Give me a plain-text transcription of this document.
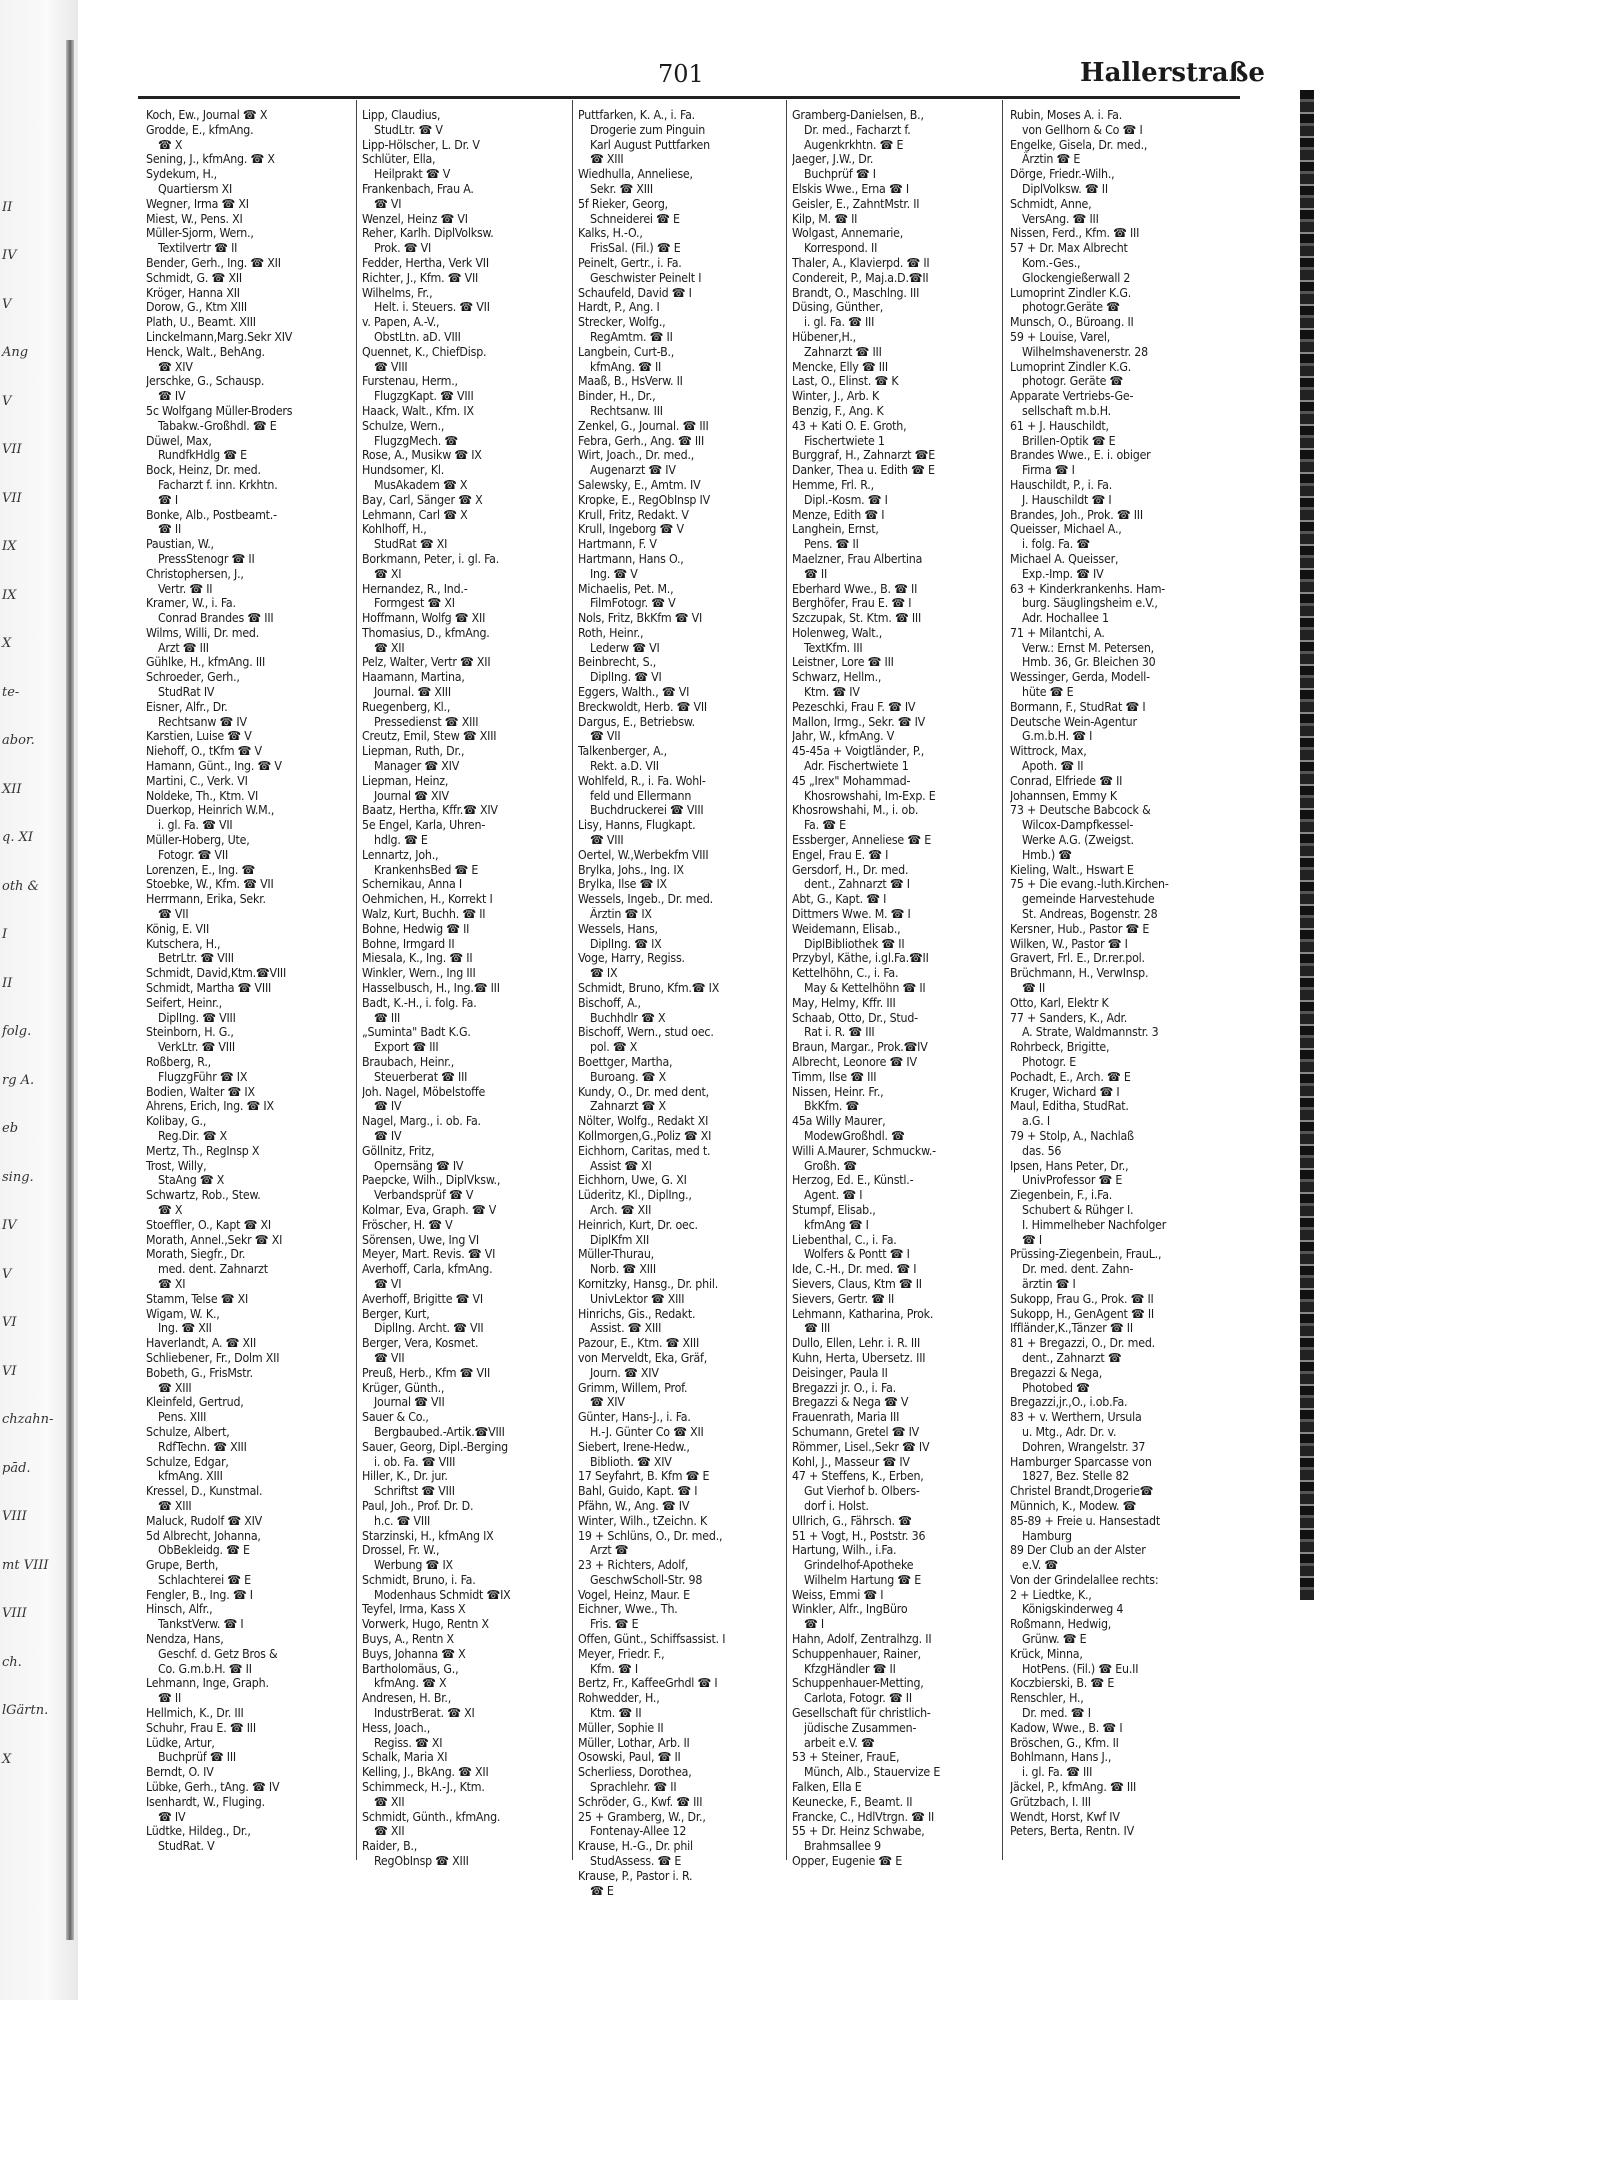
II
IV
V
Ang
V
VII
VII
IX
IX
X
te-
abor.
XII
q. XI
oth &
I
II
folg.
rg A.
eb
sing.
IV
V
VI
VI
chzahn-
pād.
VIII
mt VIII
VIII
ch.
lGärtn.
X
701	Hallerstraße
Koch, Ew., Journal ☎ X
Grodde, E., kfmAng.
☎ X
Sening, J., kfmAng. ☎ X
Sydekum, H.,
Quartiersm XI
Wegner, Irma ☎ XI
Miest, W., Pens. XI
Müller-Sjorm, Wern.,
Textilvertr ☎ II
Bender, Gerh., Ing. ☎ XII
Schmidt, G. ☎ XII
Kröger, Hanna XII
Dorow, G., Ktm XIII
Plath, U., Beamt. XIII
Linckelmann,Marg.Sekr XIV
Henck, Walt., BehAng.
☎ XIV
Jerschke, G., Schausp.
☎ IV
5c Wolfgang Müller-Broders
Tabakw.-Großhdl. ☎ E
Düwel, Max,
RundfkHdlg ☎ E
Bock, Heinz, Dr. med.
Facharzt f. inn. Krkhtn.
☎ I
Bonke, Alb., Postbeamt.-
☎ II
Paustian, W.,
PressStenogr ☎ II
Christophersen, J.,
Vertr. ☎ II
Kramer, W., i. Fa.
Conrad Brandes ☎ III
Wilms, Willi, Dr. med.
Arzt ☎ III
Gühlke, H., kfmAng. III
Schroeder, Gerh.,
StudRat IV
Eisner, Alfr., Dr.
Rechtsanw ☎ IV
Karstien, Luise ☎ V
Niehoff, O., tKfm ☎ V
Hamann, Günt., Ing. ☎ V
Martini, C., Verk. VI
Noldeke, Th., Ktm. VI
Duerkop, Heinrich W.M.,
i. gl. Fa. ☎ VII
Müller-Hoberg, Ute,
Fotogr. ☎ VII
Lorenzen, E., Ing. ☎
Stoebke, W., Kfm. ☎ VII
Herrmann, Erika, Sekr.
☎ VII
König, E. VII
Kutschera, H.,
BetrLtr. ☎ VIII
Schmidt, David,Ktm.☎VIII
Schmidt, Martha ☎ VIII
Seifert, Heinr.,
DiplIng. ☎ VIII
Steinborn, H. G.,
VerkLtr. ☎ VIII
Roßberg, R.,
FlugzgFühr ☎ IX
Bodien, Walter ☎ IX
Ahrens, Erich, Ing. ☎ IX
Kolibay, G.,
Reg.Dir. ☎ X
Mertz, Th., RegInsp X
Trost, Willy,
StaAng ☎ X
Schwartz, Rob., Stew.
☎ X
Stoeffler, O., Kapt ☎ XI
Morath, Annel.,Sekr ☎ XI
Morath, Siegfr., Dr.
med. dent. Zahnarzt
☎ XI
Stamm, Telse ☎ XI
Wigam, W. K.,
Ing. ☎ XII
Haverlandt, A. ☎ XII
Schliebener, Fr., Dolm XII
Bobeth, G., FrisMstr.
☎ XIII
Kleinfeld, Gertrud,
Pens. XIII
Schulze, Albert,
RdfTechn. ☎ XIII
Schulze, Edgar,
kfmAng. XIII
Kressel, D., Kunstmal.
☎ XIII
Maluck, Rudolf ☎ XIV
5d Albrecht, Johanna,
ObBekleidg. ☎ E
Grupe, Berth,
Schlachterei ☎ E
Fengler, B., Ing. ☎ I
Hinsch, Alfr.,
TankstVerw. ☎ I
Nendza, Hans,
Geschf. d. Getz Bros &
Co. G.m.b.H. ☎ II
Lehmann, Inge, Graph.
☎ II
Hellmich, K., Dr. III
Schuhr, Frau E. ☎ III
Lüdke, Artur,
Buchprüf ☎ III
Berndt, O. IV
Lübke, Gerh., tAng. ☎ IV
Isenhardt, W., Fluging.
☎ IV
Lüdtke, Hildeg., Dr.,
StudRat. V
Lipp, Claudius,
StudLtr. ☎ V
Lipp-Hölscher, L. Dr. V
Schlüter, Ella,
Heilprakt ☎ V
Frankenbach, Frau A.
☎ VI
Wenzel, Heinz ☎ VI
Reher, Karlh. DiplVolksw.
Prok. ☎ VI
Fedder, Hertha, Verk VII
Richter, J., Kfm. ☎ VII
Wilhelms, Fr.,
Helt. i. Steuers. ☎ VII
v. Papen, A.-V.,
ObstLtn. aD. VIII
Quennet, K., ChiefDisp.
☎ VIII
Furstenau, Herm.,
FlugzgKapt. ☎ VIII
Haack, Walt., Kfm. IX
Schulze, Wern.,
FlugzgMech. ☎
Rose, A., Musikw ☎ IX
Hundsomer, Kl.
MusAkadem ☎ X
Bay, Carl, Sänger ☎ X
Lehmann, Carl ☎ X
Kohlhoff, H.,
StudRat ☎ XI
Borkmann, Peter, i. gl. Fa.
☎ XI
Hernandez, R., Ind.-
Formgest ☎ XI
Hoffmann, Wolfg ☎ XII
Thomasius, D., kfmAng.
☎ XII
Pelz, Walter, Vertr ☎ XII
Haamann, Martina,
Journal. ☎ XIII
Ruegenberg, Kl.,
Pressedienst ☎ XIII
Creutz, Emil, Stew ☎ XIII
Liepman, Ruth, Dr.,
Manager ☎ XIV
Liepman, Heinz,
Journal ☎ XIV
Baatz, Hertha, Kffr.☎ XIV
5e Engel, Karla, Uhren-
hdlg. ☎ E
Lennartz, Joh.,
KrankenhsBed ☎ E
Schernikau, Anna I
Oehmichen, H., Korrekt I
Walz, Kurt, Buchh. ☎ II
Bohne, Hedwig ☎ II
Bohne, Irmgard II
Miesala, K., Ing. ☎ II
Winkler, Wern., Ing III
Hasselbusch, H., Ing.☎ III
Badt, K.-H., i. folg. Fa.
☎ III
„Suminta" Badt K.G.
Export ☎ III
Braubach, Heinr.,
Steuerberat ☎ III
Joh. Nagel, Möbelstoffe
☎ IV
Nagel, Marg., i. ob. Fa.
☎ IV
Göllnitz, Fritz,
Opernsäng ☎ IV
Paepcke, Wilh., DiplVksw.,
Verbandsprüf ☎ V
Kolmar, Eva, Graph. ☎ V
Fröscher, H. ☎ V
Sörensen, Uwe, Ing VI
Meyer, Mart. Revis. ☎ VI
Averhoff, Carla, kfmAng.
☎ VI
Averhoff, Brigitte ☎ VI
Berger, Kurt,
DiplIng. Archt. ☎ VII
Berger, Vera, Kosmet.
☎ VII
Preuß, Herb., Kfm ☎ VII
Krüger, Günth.,
Journal ☎ VII
Sauer & Co.,
Bergbaubed.-Artik.☎VIII
Sauer, Georg, Dipl.-Berging
i. ob. Fa. ☎ VIII
Hiller, K., Dr. jur.
Schriftst ☎ VIII
Paul, Joh., Prof. Dr. D.
h.c. ☎ VIII
Starzinski, H., kfmAng IX
Drossel, Fr. W.,
Werbung ☎ IX
Schmidt, Bruno, i. Fa.
Modenhaus Schmidt ☎IX
Teyfel, Irma, Kass X
Vorwerk, Hugo, Rentn X
Buys, A., Rentn X
Buys, Johanna ☎ X
Bartholomäus, G.,
kfmAng. ☎ X
Andresen, H. Br.,
IndustrBerat. ☎ XI
Hess, Joach.,
Regiss. ☎ XI
Schalk, Maria XI
Kelling, J., BkAng. ☎ XII
Schimmeck, H.-J., Ktm.
☎ XII
Schmidt, Günth., kfmAng.
☎ XII
Raider, B.,
RegObInsp ☎ XIII
Puttfarken, K. A., i. Fa.
Drogerie zum Pinguin
Karl August Puttfarken
☎ XIII
Wiedhulla, Anneliese,
Sekr. ☎ XIII
5f Rieker, Georg,
Schneiderei ☎ E
Kalks, H.-O.,
FrisSal. (Fil.) ☎ E
Peinelt, Gertr., i. Fa.
Geschwister Peinelt I
Schaufeld, David ☎ I
Hardt, P., Ang. I
Strecker, Wolfg.,
RegAmtm. ☎ II
Langbein, Curt-B.,
kfmAng. ☎ II
Maaß, B., HsVerw. II
Binder, H., Dr.,
Rechtsanw. III
Zenkel, G., Journal. ☎ III
Febra, Gerh., Ang. ☎ III
Wirt, Joach., Dr. med.,
Augenarzt ☎ IV
Salewsky, E., Amtm. IV
Kropke, E., RegObInsp IV
Krull, Fritz, Redakt. V
Krull, Ingeborg ☎ V
Hartmann, F. V
Hartmann, Hans O.,
Ing. ☎ V
Michaelis, Pet. M.,
FilmFotogr. ☎ V
Nols, Fritz, BkKfm ☎ VI
Roth, Heinr.,
Lederw ☎ VI
Beinbrecht, S.,
DiplIng. ☎ VI
Eggers, Walth., ☎ VI
Breckwoldt, Herb. ☎ VII
Dargus, E., Betriebsw.
☎ VII
Talkenberger, A.,
Rekt. a.D. VII
Wohlfeld, R., i. Fa. Wohl-
feld und Ellermann
Buchdruckerei ☎ VIII
Lisy, Hanns, Flugkapt.
☎ VIII
Oertel, W.,Werbekfm VIII
Brylka, Johs., Ing. IX
Brylka, Ilse ☎ IX
Wessels, Ingeb., Dr. med.
Ärztin ☎ IX
Wessels, Hans,
DiplIng. ☎ IX
Voge, Harry, Regiss.
☎ IX
Schmidt, Bruno, Kfm.☎ IX
Bischoff, A.,
Buchhdlr ☎ X
Bischoff, Wern., stud oec.
pol. ☎ X
Boettger, Martha,
Buroang. ☎ X
Kundy, O., Dr. med dent,
Zahnarzt ☎ X
Nölter, Wolfg., Redakt XI
Kollmorgen,G.,Poliz ☎ XI
Eichhorn, Caritas, med t.
Assist ☎ XI
Eichhorn, Uwe, G. XI
Lüderitz, Kl., DiplIng.,
Arch. ☎ XII
Heinrich, Kurt, Dr. oec.
DiplKfm XII
Müller-Thurau,
Norb. ☎ XIII
Kornitzky, Hansg., Dr. phil.
UnivLektor ☎ XIII
Hinrichs, Gis., Redakt.
Assist. ☎ XIII
Pazour, E., Ktm. ☎ XIII
von Merveldt, Eka, Gräf,
Journ. ☎ XIV
Grimm, Willem, Prof.
☎ XIV
Günter, Hans-J., i. Fa.
H.-J. Günter Co ☎ XII
Siebert, Irene-Hedw.,
Biblioth. ☎ XIV
17 Seyfahrt, B. Kfm ☎ E
Bahl, Guido, Kapt. ☎ I
Pfähn, W., Ang. ☎ IV
Winter, Wilh., tZeichn. K
19 + Schlüns, O., Dr. med.,
Arzt ☎
23 + Richters, Adolf,
GeschwScholl-Str. 98
Vogel, Heinz, Maur. E
Eichner, Wwe., Th.
Fris. ☎ E
Offen, Günt., Schiffsassist. I
Meyer, Friedr. F.,
Kfm. ☎ I
Bertz, Fr., KaffeeGrhdl ☎ I
Rohwedder, H.,
Ktm. ☎ II
Müller, Sophie II
Müller, Lothar, Arb. II
Osowski, Paul, ☎ II
Scherliess, Dorothea,
Sprachlehr. ☎ II
Schröder, G., Kwf. ☎ III
25 + Gramberg, W., Dr.,
Fontenay-Allee 12
Krause, H.-G., Dr. phil
StudAssess. ☎ E
Krause, P., Pastor i. R.
☎ E
Gramberg-Danielsen, B.,
Dr. med., Facharzt f.
Augenkrkhtn. ☎ E
Jaeger, J.W., Dr.
Buchprüf ☎ I
Elskis Wwe., Erna ☎ I
Geisler, E., ZahntMstr. II
Kilp, M. ☎ II
Wolgast, Annemarie,
Korrespond. II
Thaler, A., Klavierpd. ☎ II
Condereit, P., Maj.a.D.☎II
Brandt, O., Maschlng. III
Düsing, Günther,
i. gl. Fa. ☎ III
Hübener,H.,
Zahnarzt ☎ III
Mencke, Elly ☎ III
Last, O., Elinst. ☎ K
Winter, J., Arb. K
Benzig, F., Ang. K
43 + Kati O. E. Groth,
Fischertwiete 1
Burggraf, H., Zahnarzt ☎E
Danker, Thea u. Edith ☎ E
Hemme, Frl. R.,
Dipl.-Kosm. ☎ I
Menze, Edith ☎ I
Langhein, Ernst,
Pens. ☎ II
Maelzner, Frau Albertina
☎ II
Eberhard Wwe., B. ☎ II
Berghöfer, Frau E. ☎ I
Szczupak, St. Ktm. ☎ III
Holenweg, Walt.,
TextKfm. III
Leistner, Lore ☎ III
Schwarz, Hellm.,
Ktm. ☎ IV
Pezeschki, Frau F. ☎ IV
Mallon, Irmg., Sekr. ☎ IV
Jahr, W., kfmAng. V
45-45a + Voigtländer, P.,
Adr. Fischertwiete 1
45 „Irex" Mohammad-
Khosrowshahi, Im-Exp. E
Khosrowshahi, M., i. ob.
Fa. ☎ E
Essberger, Anneliese ☎ E
Engel, Frau E. ☎ I
Gersdorf, H., Dr. med.
dent., Zahnarzt ☎ I
Abt, G., Kapt. ☎ I
Dittmers Wwe. M. ☎ I
Weidemann, Elisab.,
DiplBibliothek ☎ II
Przybyl, Käthe, i.gl.Fa.☎II
Kettelhöhn, C., i. Fa.
May & Kettelhöhn ☎ II
May, Helmy, Kffr. III
Schaab, Otto, Dr., Stud-
Rat i. R. ☎ III
Braun, Margar., Prok.☎IV
Albrecht, Leonore ☎ IV
Timm, Ilse ☎ III
Nissen, Heinr. Fr.,
BkKfm. ☎
45a Willy Maurer,
ModewGroßhdl. ☎
Willi A.Maurer, Schmuckw.-
Großh. ☎
Herzog, Ed. E., Künstl.-
Agent. ☎ I
Stumpf, Elisab.,
kfmAng ☎ I
Liebenthal, C., i. Fa.
Wolfers & Pontt ☎ I
Ide, C.-H., Dr. med. ☎ I
Sievers, Claus, Ktm ☎ II
Sievers, Gertr. ☎ II
Lehmann, Katharina, Prok.
☎ III
Dullo, Ellen, Lehr. i. R. III
Kuhn, Herta, Ubersetz. III
Deisinger, Paula II
Bregazzi jr. O., i. Fa.
Bregazzi & Nega ☎ V
Frauenrath, Maria III
Schumann, Gretel ☎ IV
Römmer, Lisel.,Sekr ☎ IV
Kohl, J., Masseur ☎ IV
47 + Steffens, K., Erben,
Gut Vierhof b. Olbers-
dorf i. Holst.
Ullrich, G., Fährsch. ☎
51 + Vogt, H., Poststr. 36
Hartung, Wilh., i.Fa.
Grindelhof-Apotheke
Wilhelm Hartung ☎ E
Weiss, Emmi ☎ I
Winkler, Alfr., IngBüro
☎ I
Hahn, Adolf, Zentralhzg. II
Schuppenhauer, Rainer,
KfzgHändler ☎ II
Schuppenhauer-Metting,
Carlota, Fotogr. ☎ II
Gesellschaft für christlich-
jüdische Zusammen-
arbeit e.V. ☎
53 + Steiner, FrauE,
Münch, Alb., Stauervize E
Falken, Ella E
Keunecke, F., Beamt. II
Francke, C., HdlVtrgn. ☎ II
55 + Dr. Heinz Schwabe,
Brahmsallee 9
Opper, Eugenie ☎ E
Rubin, Moses A. i. Fa.
von Gellhorn & Co ☎ I
Engelke, Gisela, Dr. med.,
Ärztin ☎ E
Dörge, Friedr.-Wilh.,
DiplVolksw. ☎ II
Schmidt, Anne,
VersAng. ☎ III
Nissen, Ferd., Kfm. ☎ III
57 + Dr. Max Albrecht
Kom.-Ges.,
Glockengießerwall 2
Lumoprint Zindler K.G.
photogr.Geräte ☎
Munsch, O., Büroang. II
59 + Louise, Varel,
Wilhelmshavenerstr. 28
Lumoprint Zindler K.G.
photogr. Geräte ☎
Apparate Vertriebs-Ge-
sellschaft m.b.H.
61 + J. Hauschildt,
Brillen-Optik ☎ E
Brandes Wwe., E. i. obiger
Firma ☎ I
Hauschildt, P., i. Fa.
J. Hauschildt ☎ I
Brandes, Joh., Prok. ☎ III
Queisser, Michael A.,
i. folg. Fa. ☎
Michael A. Queisser,
Exp.-Imp. ☎ IV
63 + Kinderkrankenhs. Ham-
burg. Säuglingsheim e.V.,
Adr. Hochallee 1
71 + Milantchi, A.
Verw.: Ernst M. Petersen,
Hmb. 36, Gr. Bleichen 30
Wessinger, Gerda, Modell-
hüte ☎ E
Bormann, F., StudRat ☎ I
Deutsche Wein-Agentur
G.m.b.H. ☎ I
Wittrock, Max,
Apoth. ☎ II
Conrad, Elfriede ☎ II
Johannsen, Emmy K
73 + Deutsche Babcock &
Wilcox-Dampfkessel-
Werke A.G. (Zweigst.
Hmb.) ☎
Kieling, Walt., Hswart E
75 + Die evang.-luth.Kirchen-
gemeinde Harvestehude
St. Andreas, Bogenstr. 28
Kersner, Hub., Pastor ☎ E
Wilken, W., Pastor ☎ I
Gravert, Frl. E., Dr.rer.pol.
Brüchmann, H., VerwInsp.
☎ II
Otto, Karl, Elektr K
77 + Sanders, K., Adr.
A. Strate, Waldmannstr. 3
Rohrbeck, Brigitte,
Photogr. E
Pochadt, E., Arch. ☎ E
Kruger, Wichard ☎ I
Maul, Editha, StudRat.
a.G. I
79 + Stolp, A., Nachlaß
das. 56
Ipsen, Hans Peter, Dr.,
UnivProfessor ☎ E
Ziegenbein, F., i.Fa.
Schubert & Rühger I.
I. Himmelheber Nachfolger
☎ I
Prüssing-Ziegenbein, FrauL.,
Dr. med. dent. Zahn-
ärztin ☎ I
Sukopp, Frau G., Prok. ☎ II
Sukopp, H., GenAgent ☎ II
Iffländer,K.,Tänzer ☎ II
81 + Bregazzi, O., Dr. med.
dent., Zahnarzt ☎
Bregazzi & Nega,
Photobed ☎
Bregazzi,jr.,O., i.ob.Fa.
83 + v. Werthern, Ursula
u. Mtg., Adr. Dr. v.
Dohren, Wrangelstr. 37
Hamburger Sparcasse von
1827, Bez. Stelle 82
Christel Brandt,Drogerie☎
Münnich, K., Modew. ☎
85-89 + Freie u. Hansestadt
Hamburg
89 Der Club an der Alster
e.V. ☎
Von der Grindelallee rechts:
2 + Liedtke, K.,
Königskinderweg 4
Roßmann, Hedwig,
Grünw. ☎ E
Krück, Minna,
HotPens. (Fil.) ☎ Eu.II
Koczbierski, B. ☎ E
Renschler, H.,
Dr. med. ☎ I
Kadow, Wwe., B. ☎ I
Bröschen, G., Kfm. II
Bohlmann, Hans J.,
i. gl. Fa. ☎ III
Jäckel, P., kfmAng. ☎ III
Grützbach, I. III
Wendt, Horst, Kwf IV
Peters, Berta, Rentn. IV
